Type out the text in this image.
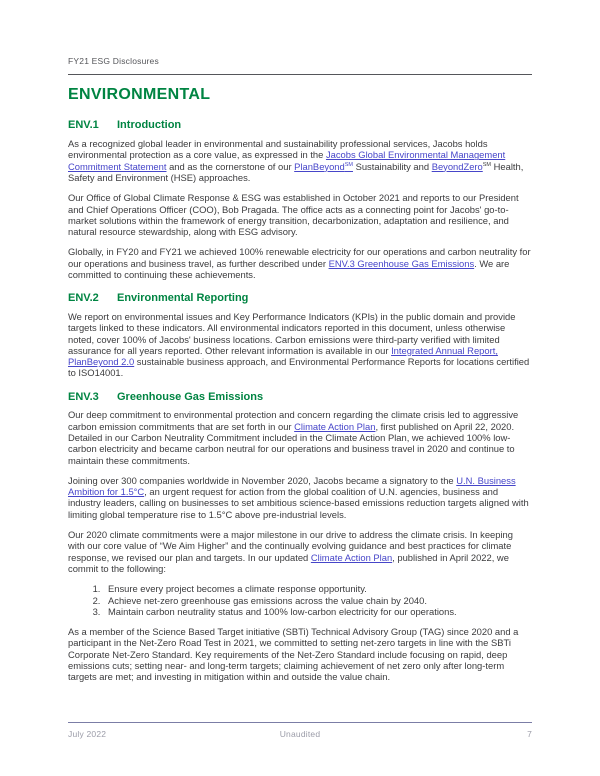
FY21 ESG Disclosures
ENVIRONMENTAL
ENV.1	Introduction

As a recognized global leader in environmental and sustainability professional services, Jacobs holds environmental protection as a core value, as expressed in the Jacobs Global Environmental Management Commitment Statement and as the cornerstone of our PlanBeyond℠ Sustainability and BeyondZero℠ Health, Safety and Environment (HSE) approaches.

Our Office of Global Climate Response & ESG was established in October 2021 and reports to our President and Chief Operations Officer (COO), Bob Pragada. The office acts as a connecting point for Jacobs' go-to-market solutions within the framework of energy transition, decarbonization, adaptation and resilience, and natural resource stewardship, along with ESG advisory.

Globally, in FY20 and FY21 we achieved 100% renewable electricity for our operations and carbon neutrality for our operations and business travel, as further described under ENV.3 Greenhouse Gas Emissions. We are committed to continuing these achievements.

ENV.2	Environmental Reporting

We report on environmental issues and Key Performance Indicators (KPIs) in the public domain and provide targets linked to these indicators. All environmental indicators reported in this document, unless otherwise noted, cover 100% of Jacobs' business locations. Carbon emissions were third-party verified with limited assurance for all years reported. Other relevant information is available in our Integrated Annual Report, PlanBeyond 2.0 sustainable business approach, and Environmental Performance Reports for locations certified to ISO14001.

ENV.3	Greenhouse Gas Emissions

Our deep commitment to environmental protection and concern regarding the climate crisis led to aggressive carbon emission commitments that are set forth in our Climate Action Plan, first published on April 22, 2020. Detailed in our Carbon Neutrality Commitment included in the Climate Action Plan, we achieved 100% low-carbon electricity and became carbon neutral for our operations and business travel in 2020 and continue to maintain these commitments.

Joining over 300 companies worldwide in November 2020, Jacobs became a signatory to the U.N. Business Ambition for 1.5°C, an urgent request for action from the global coalition of U.N. agencies, business and industry leaders, calling on businesses to set ambitious science-based emissions reduction targets aligned with limiting global temperature rise to 1.5°C above pre-industrial levels.

Our 2020 climate commitments were a major milestone in our drive to address the climate crisis. In keeping with our core value of “We Aim Higher” and the continually evolving guidance and best practices for climate response, we revised our plan and targets. In our updated Climate Action Plan, published in April 2022, we commit to the following:

1. Ensure every project becomes a climate response opportunity.
2. Achieve net-zero greenhouse gas emissions across the value chain by 2040.
3. Maintain carbon neutrality status and 100% low-carbon electricity for our operations.

As a member of the Science Based Target initiative (SBTi) Technical Advisory Group (TAG) since 2020 and a participant in the Net-Zero Road Test in 2021, we committed to setting net-zero targets in line with the SBTi Corporate Net-Zero Standard. Key requirements of the Net-Zero Standard include focusing on rapid, deep emissions cuts; setting near- and long-term targets; claiming achievement of net zero only after long-term targets are met; and investing in mitigation within and outside the value chain.

Unaudited
July 2022	7
